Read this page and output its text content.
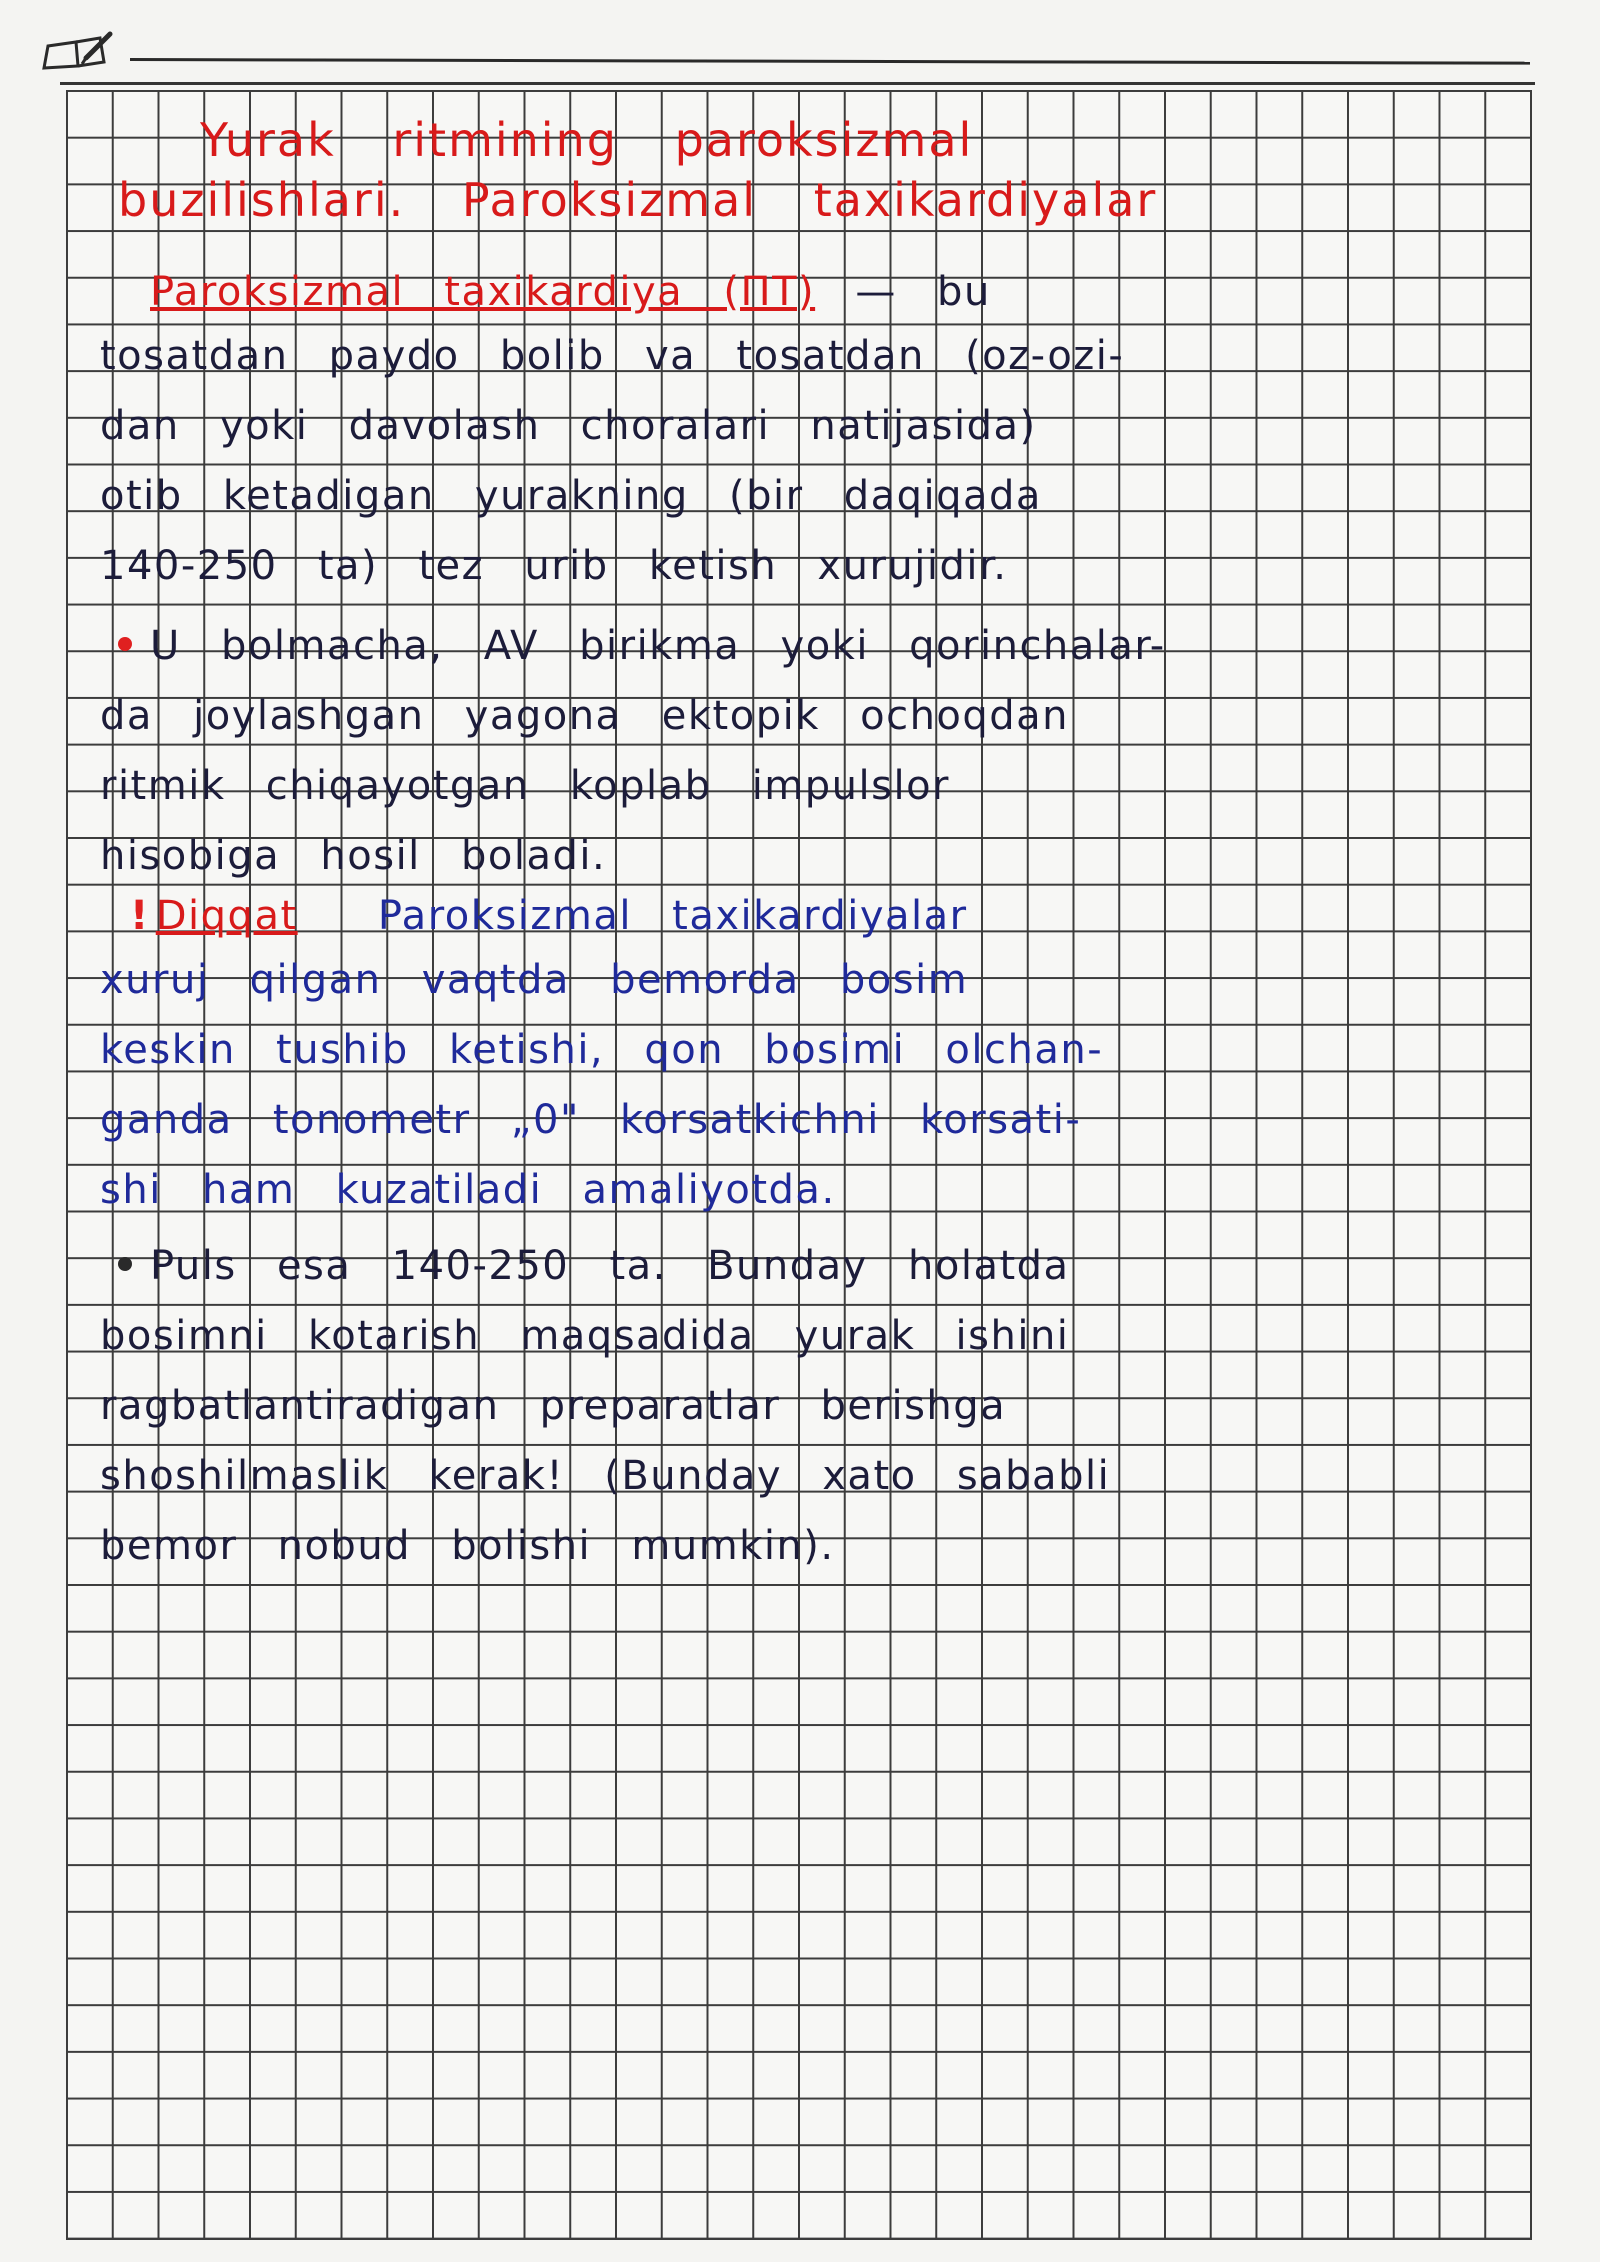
Yurak ritmining paroksizmal
buzilishlari. Paroksizmal taxikardiyalar
Paroksizmal taxikardiya (ПТ) — bu
tosatdan paydo bolib va tosatdan (oz-ozi-
dan yoki davolash choralari natijasida)
otib ketadigan yurakning (bir daqiqada
140-250 ta) tez urib ketish xurujidir.
U bolmacha, AV birikma yoki qorinchalar-
da joylashgan yagona ektopik ochoqdan
ritmik chiqayotgan koplab impulslor
hisobiga hosil boladi.
! Diqqat Paroksizmal taxikardiyalar
xuruj qilgan vaqtda bemorda bosim
keskin tushib ketishi, qon bosimi olchan-
ganda tonometr „0" korsatkichni korsati-
shi ham kuzatiladi amaliyotda.
Puls esa 140-250 ta. Bunday holatda
bosimni kotarish maqsadida yurak ishini
ragbatlantiradigan preparatlar berishga
shoshilmaslik kerak! (Bunday xato sababli
bemor nobud bolishi mumkin).
